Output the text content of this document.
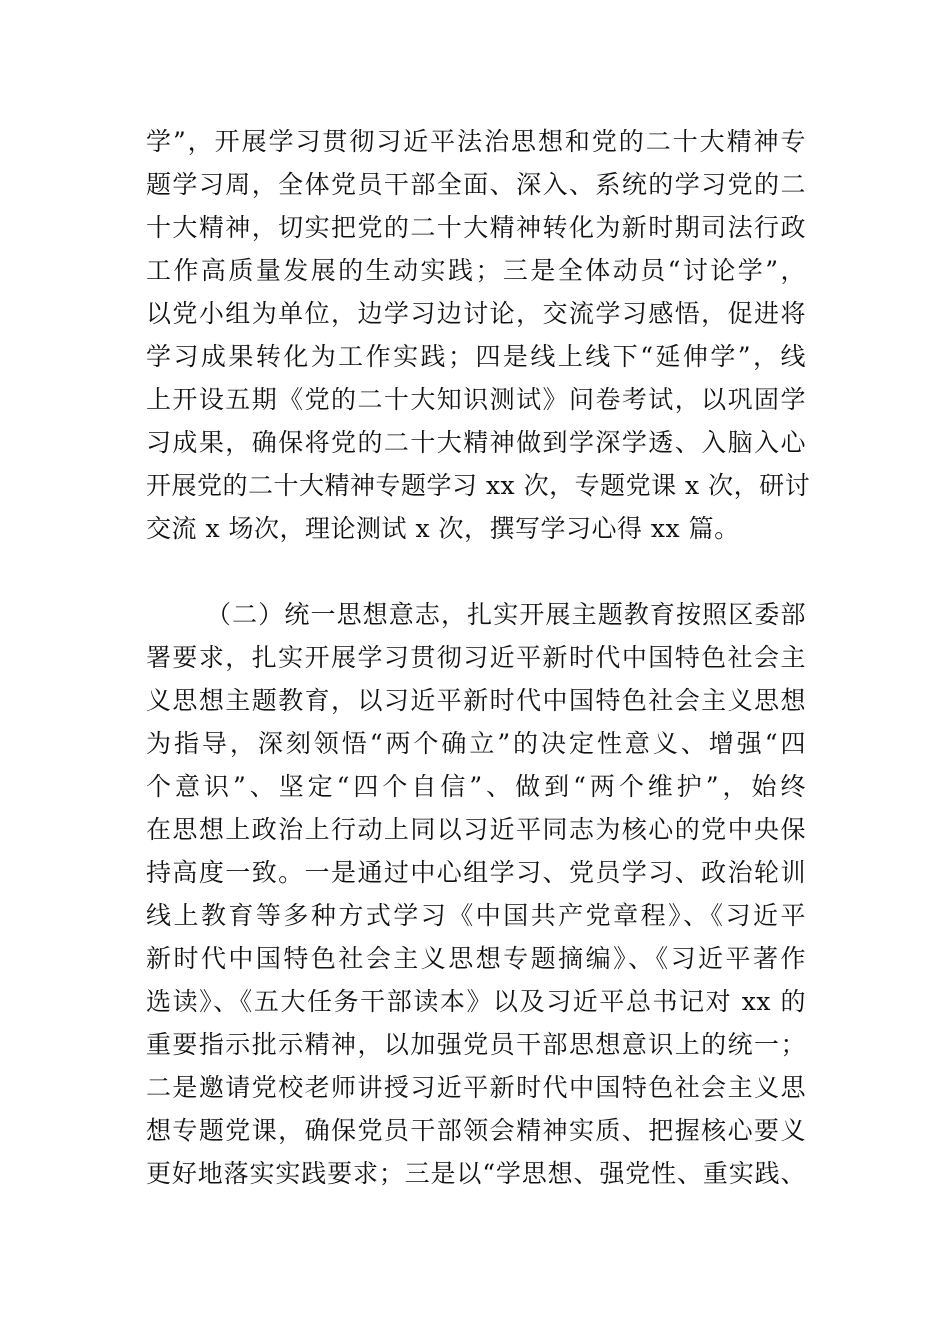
学”，开展学习贯彻习近平法治思想和党的二十大精神专
题学习周，全体党员干部全面、深入、系统的学习党的二
十大精神，切实把党的二十大精神转化为新时期司法行政
工作高质量发展的生动实践；三是全体动员“讨论学”，
以党小组为单位，边学习边讨论，交流学习感悟，促进将
学习成果转化为工作实践；四是线上线下“延伸学”，线
上开设五期《党的二十大知识测试》问卷考试，以巩固学
习成果，确保将党的二十大精神做到学深学透、入脑入心
开展党的二十大精神专题学习 xx 次，专题党课 x 次，研讨
交流 x 场次，理论测试 x 次，撰写学习心得 xx 篇。
（二）统一思想意志，扎实开展主题教育按照区委部
署要求，扎实开展学习贯彻习近平新时代中国特色社会主
义思想主题教育，以习近平新时代中国特色社会主义思想
为指导，深刻领悟“两个确立”的决定性意义、增强“四
个意识”、坚定“四个自信”、做到“两个维护”，始终
在思想上政治上行动上同以习近平同志为核心的党中央保
持高度一致。一是通过中心组学习、党员学习、政治轮训
线上教育等多种方式学习《中国共产党章程》、《习近平
新时代中国特色社会主义思想专题摘编》、《习近平著作
选读》、《五大任务干部读本》以及习近平总书记对 xx 的
重要指示批示精神，以加强党员干部思想意识上的统一；
二是邀请党校老师讲授习近平新时代中国特色社会主义思
想专题党课，确保党员干部领会精神实质、把握核心要义
更好地落实实践要求；三是以“学思想、强党性、重实践、
